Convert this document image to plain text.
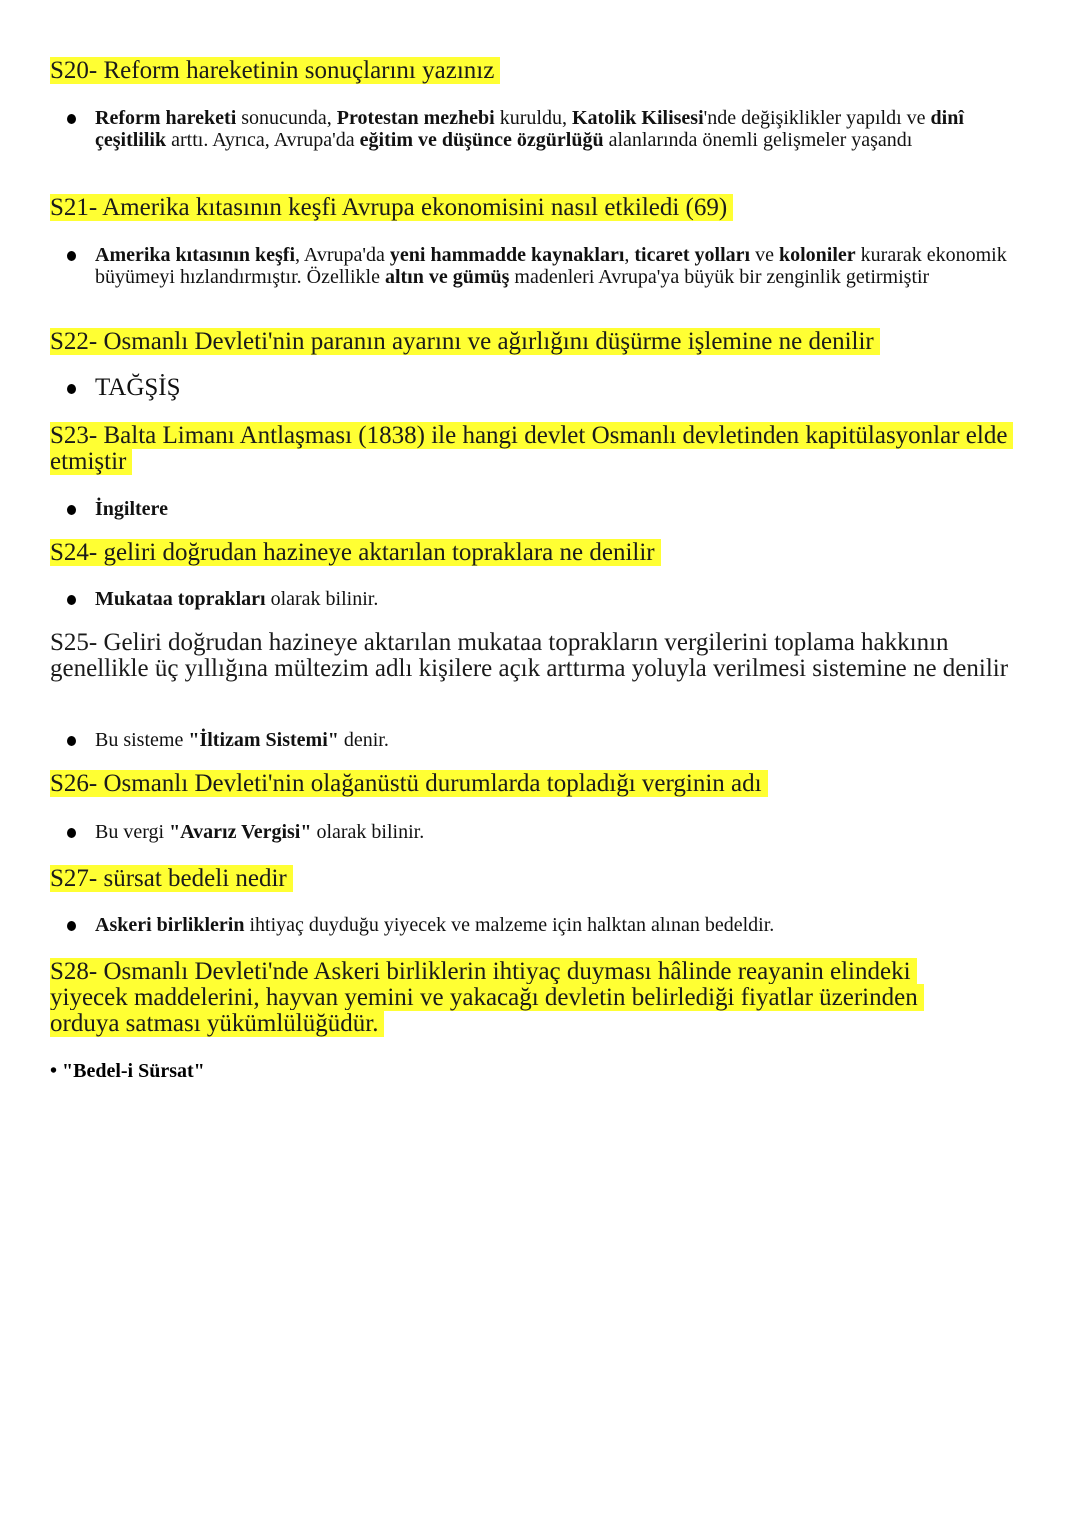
S20- Reform hareketinin sonuçlarını yazınız
Reform hareketi sonucunda, Protestan mezhebi kuruldu, Katolik Kilisesi'nde değişiklikler yapıldı ve dinî çeşitlilik arttı. Ayrıca, Avrupa'da eğitim ve düşünce özgürlüğü alanlarında önemli gelişmeler yaşandı
S21- Amerika kıtasının keşfi Avrupa ekonomisini nasıl etkiledi (69)
Amerika kıtasının keşfi, Avrupa'da yeni hammadde kaynakları, ticaret yolları ve koloniler kurarak ekonomik büyümeyi hızlandırmıştır. Özellikle altın ve gümüş madenleri Avrupa'ya büyük bir zenginlik getirmiştir
S22- Osmanlı Devleti'nin paranın ayarını ve ağırlığını düşürme işlemine ne denilir
TAĞŞİŞ
S23- Balta Limanı Antlaşması (1838) ile hangi devlet Osmanlı devletinden kapitülasyonlar elde etmiştir
İngiltere
S24- geliri doğrudan hazineye aktarılan topraklara ne denilir
Mukataa toprakları olarak bilinir.
S25- Geliri doğrudan hazineye aktarılan mukataa toprakların vergilerini toplama hakkının genellikle üç yıllığına mültezim adlı kişilere açık arttırma yoluyla verilmesi sistemine ne denilir
Bu sisteme "İltizam Sistemi" denir.
S26- Osmanlı Devleti'nin olağanüstü durumlarda topladığı verginin adı
Bu vergi "Avarız Vergisi" olarak bilinir.
S27- sürsat bedeli nedir
Askeri birliklerin ihtiyaç duyduğu yiyecek ve malzeme için halktan alınan bedeldir.
S28- Osmanlı Devleti'nde Askeri birliklerin ihtiyaç duyması hâlinde reayanin elindeki yiyecek maddelerini, hayvan yemini ve yakacağı devletin belirlediği fiyatlar üzerinden orduya satması yükümlülüğüdür.
• "Bedel-i Sürsat"
